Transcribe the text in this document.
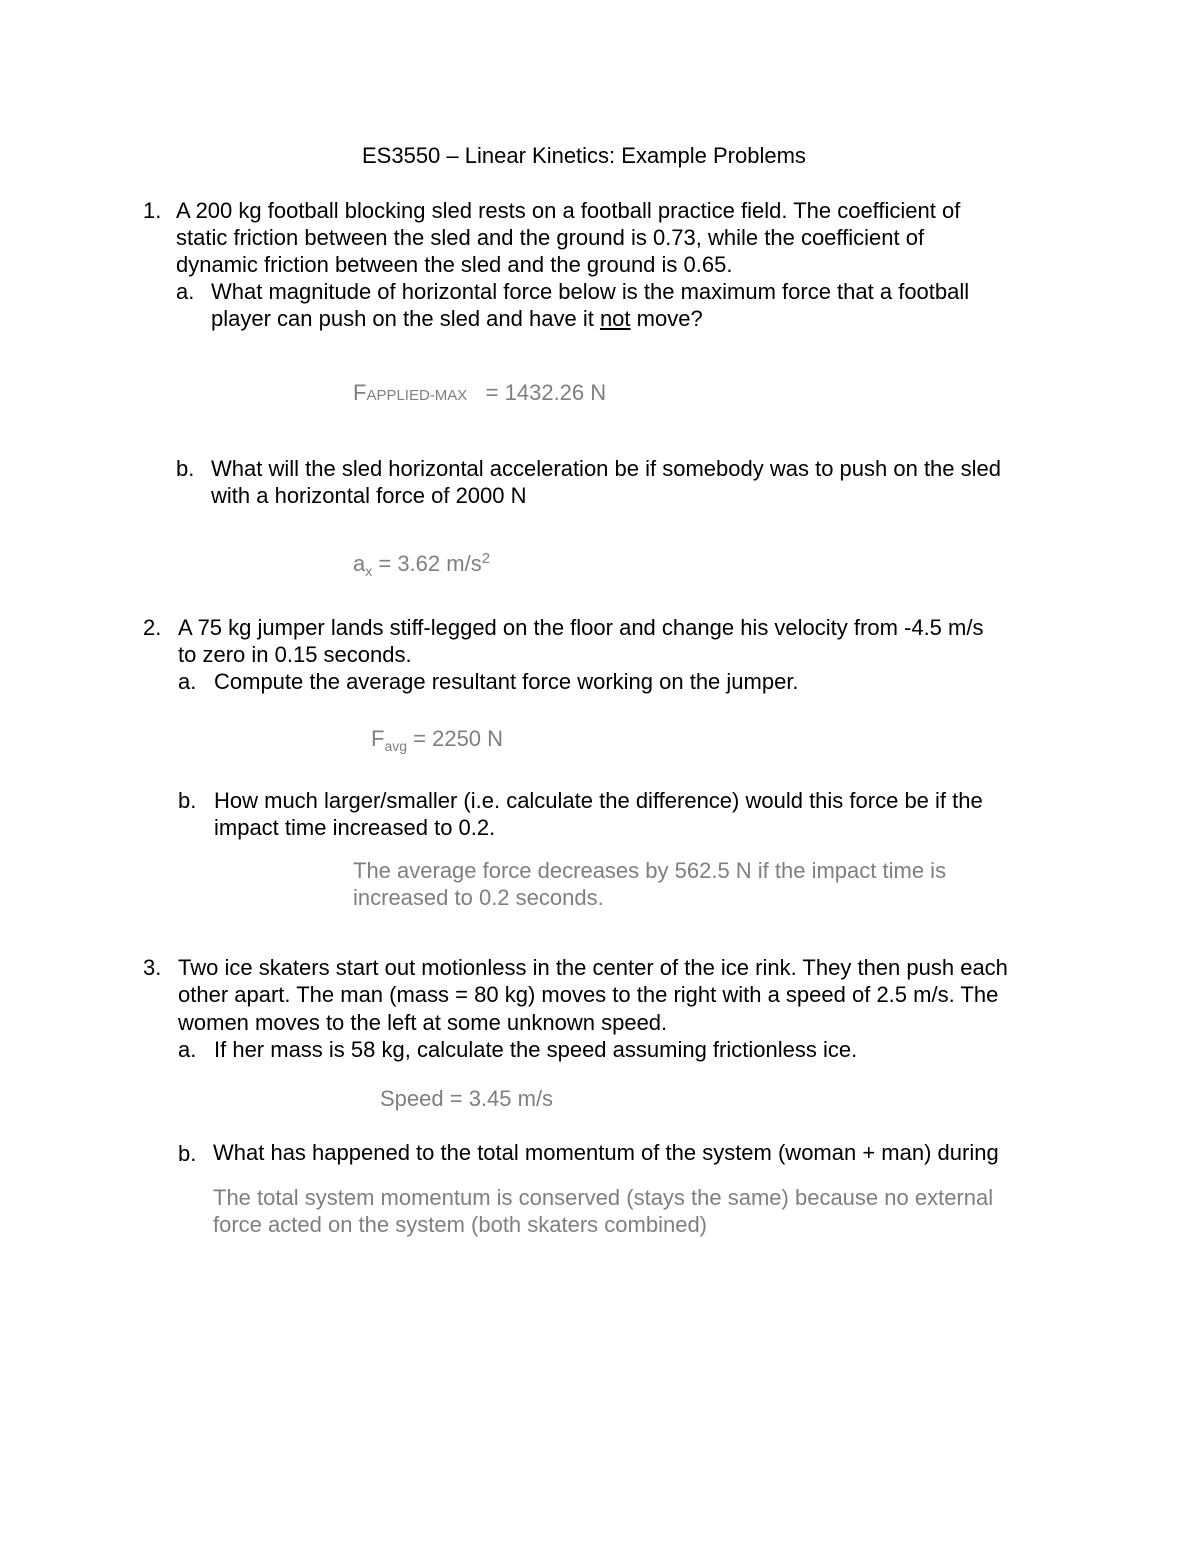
ES3550 – Linear Kinetics: Example Problems

1. A 200 kg football blocking sled rests on a football practice field. The coefficient of

static friction between the sled and the ground is 0.73, while the coefficient of

dynamic friction between the sled and the ground is 0.65.

a. What magnitude of horizontal force below is the maximum force that a football

player can push on the sled and have it not move?

FAPPLIED-MAX = 1432.26 N

b. What will the sled horizontal acceleration be if somebody was to push on the sled

with a horizontal force of 2000 N

$a_x = 3.62$ $m/s^2$

2. A 75 kg jumper lands stiff-legged on the floor and change his velocity from -4.5 m/s

to zero in 0.15 seconds.

a. Compute the average resultant force working on the jumper.

$F_{avg} = 2250$ N

b. How much larger/smaller (i.e. calculate the difference) would this force be if the

impact time increased to 0.2.

The average force decreases by 562.5 N if the impact time is

increased to 0.2 seconds.

3. Two ice skaters start out motionless in the center of the ice rink. They then push each

other apart. The man (mass = 80 kg) moves to the right with a speed of 2.5 m/s. The

women moves to the left at some unknown speed.

a. If her mass is 58 kg, calculate the speed assuming frictionless ice.

Speed = 3.45 m/s

b. What has happened to the total momentum of the system (woman + man) during

The total system momentum is conserved (stays the same) because no external

force acted on the system (both skaters combined)
